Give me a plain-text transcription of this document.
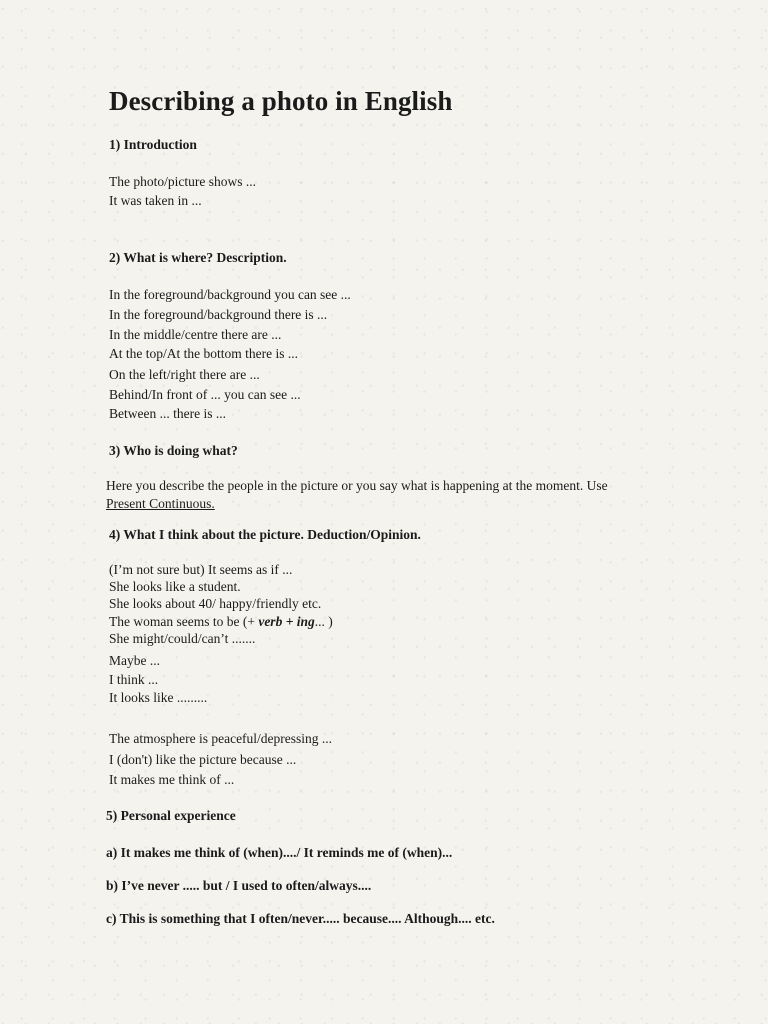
Describing a photo in English

1) Introduction

The photo/picture shows ...

It was taken in ...

2) What is where? Description.

In the foreground/background you can see ...

In the foreground/background there is ...

In the middle/centre there are ...

At the top/At the bottom there is ...

On the left/right there are ...

Behind/In front of ... you can see ...

Between ... there is ...

3) Who is doing what?

Here you describe the people in the picture or you say what is happening at the moment. Use
Present Continuous.

4) What I think about the picture. Deduction/Opinion.

(I’m not sure but) It seems as if ...

She looks like a student.

She looks about 40/ happy/friendly etc.

The woman seems to be (+ verb + ing... )

She might/could/can’t .......

Maybe ...

I think ...

It looks like .........

The atmosphere is peaceful/depressing ...

I (don't) like the picture because ...

It makes me think of ...

5) Personal experience

a) It makes me think of (when)..../ It reminds me of (when)...

b) I’ve never ..... but / I used to often/always....

c) This is something that I often/never..... because.... Although.... etc.
